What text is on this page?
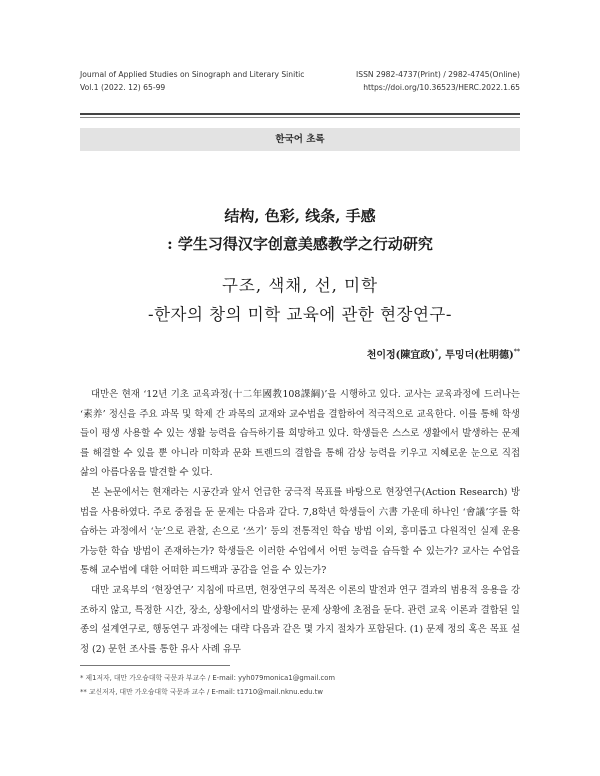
Journal of Applied Studies on Sinograph and Literary Sinitic
Vol.1 (2022. 12) 65-99
ISSN 2982-4737(Print) / 2982-4745(Online)
https://doi.org/10.36523/HERC.2022.1.65
한국어 초록
结构, 色彩, 线条, 手感
: 学生习得汉字创意美感教学之行动研究
구조, 색채, 선, 미학
-한자의 창의 미학 교육에 관한 현장연구-
천이정(陳宜政)*, 투밍더(杜明德)**

대만은 현재 ‘12년 기초 교육과정(十二年國教108課綱)’을 시행하고 있다. 교사는 교육과정에 드러나는 ‘素养’ 정신을 주요 과목 및 학제 간 과목의 교재와 교수법을 결합하여 적극적으로 교육한다. 이를 통해 학생들이 평생 사용할 수 있는 생활 능력을 습득하기를 희망하고 있다. 학생들은 스스로 생활에서 발생하는 문제를 해결할 수 있을 뿐 아니라 미학과 문화 트렌드의 결합을 통해 감상 능력을 키우고 지혜로운 눈으로 직접 삶의 아름다움을 발견할 수 있다.

본 논문에서는 현재라는 시공간과 앞서 언급한 궁극적 목표를 바탕으로 현장연구(Action Research) 방법을 사용하였다. 주로 중점을 둔 문제는 다음과 같다. 7,8학년 학생들이 六書 가운데 하나인 ‘會議’字를 학습하는 과정에서 ‘눈’으로 관찰, 손으로 ‘쓰기’ 등의 전통적인 학습 방법 이외, 흥미롭고 다원적인 실제 운용 가능한 학습 방법이 존재하는가? 학생들은 이러한 수업에서 어떤 능력을 습득할 수 있는가? 교사는 수업을 통해 교수법에 대한 어떠한 피드백과 공감을 얻을 수 있는가?

대만 교육부의 ‘현장연구’ 지침에 따르면, 현장연구의 목적은 이론의 발전과 연구 결과의 범용적 응용을 강조하지 않고, 특정한 시간, 장소, 상황에서의 발생하는 문제 상황에 초점을 둔다. 관련 교육 이론과 결합된 일종의 설계연구로, 행동연구 과정에는 대략 다음과 같은 몇 가지 절차가 포함된다. (1) 문제 정의 혹은 목표 설정 (2) 문헌 조사를 통한 유사 사례 유무

* 제1저자, 대만 가오슝대학 국문과 부교수 / E-mail: yyh079monica1@gmail.com
** 교신저자, 대만 가오슝대학 국문과 교수 / E-mail: t1710@mail.nknu.edu.tw
